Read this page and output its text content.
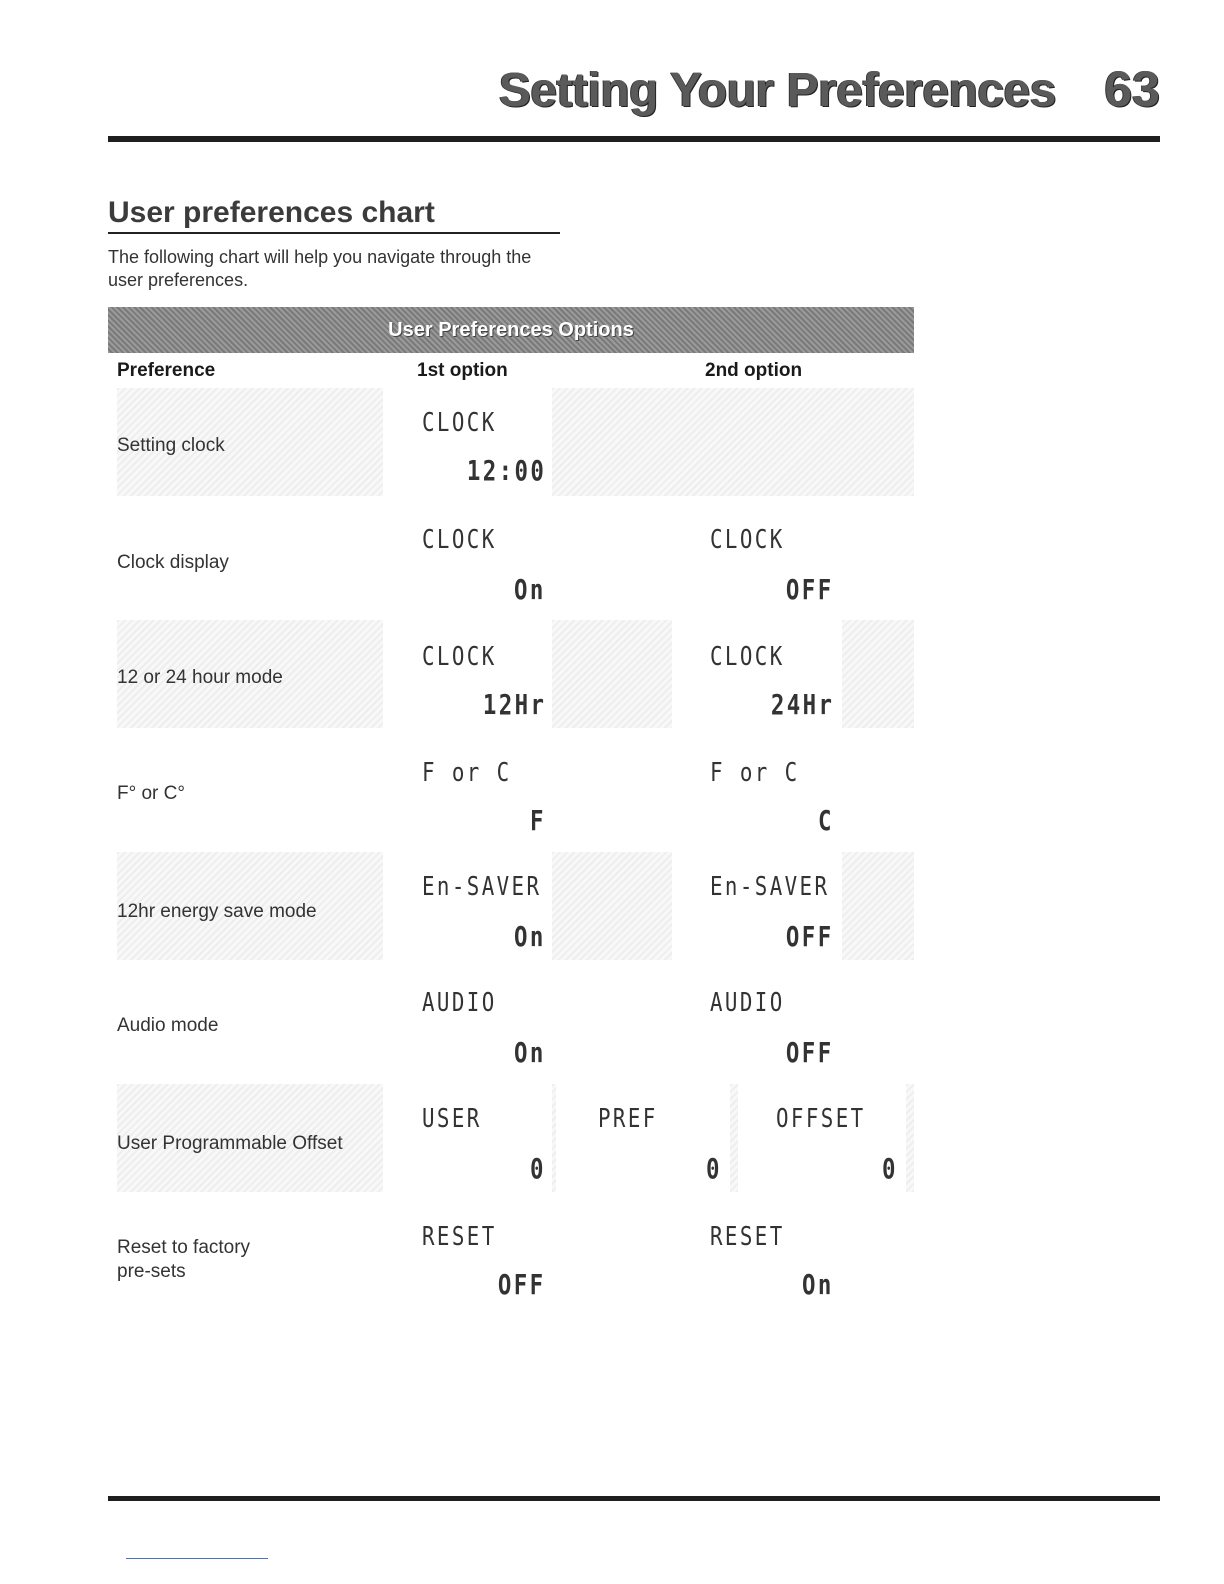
Setting Your Preferences 63
User preferences chart
The following chart will help you navigate through the user preferences.
User Preferences Options
Preference	1st option	2nd option
Setting clock
CLOCK
12:00
Clock display
CLOCK
On
CLOCK
OFF
12 or 24 hour mode
CLOCK
12Hr
CLOCK
24Hr
F° or C°
F or C
F
F or C
C
12hr energy save mode
En-SAVER
On
En-SAVER
OFF
Audio mode
AUDIO
On
AUDIO
OFF
User Programmable Offset
USER
0
PREF
0
OFFSET
0
Reset to factory pre-sets
RESET
OFF
RESET
On
